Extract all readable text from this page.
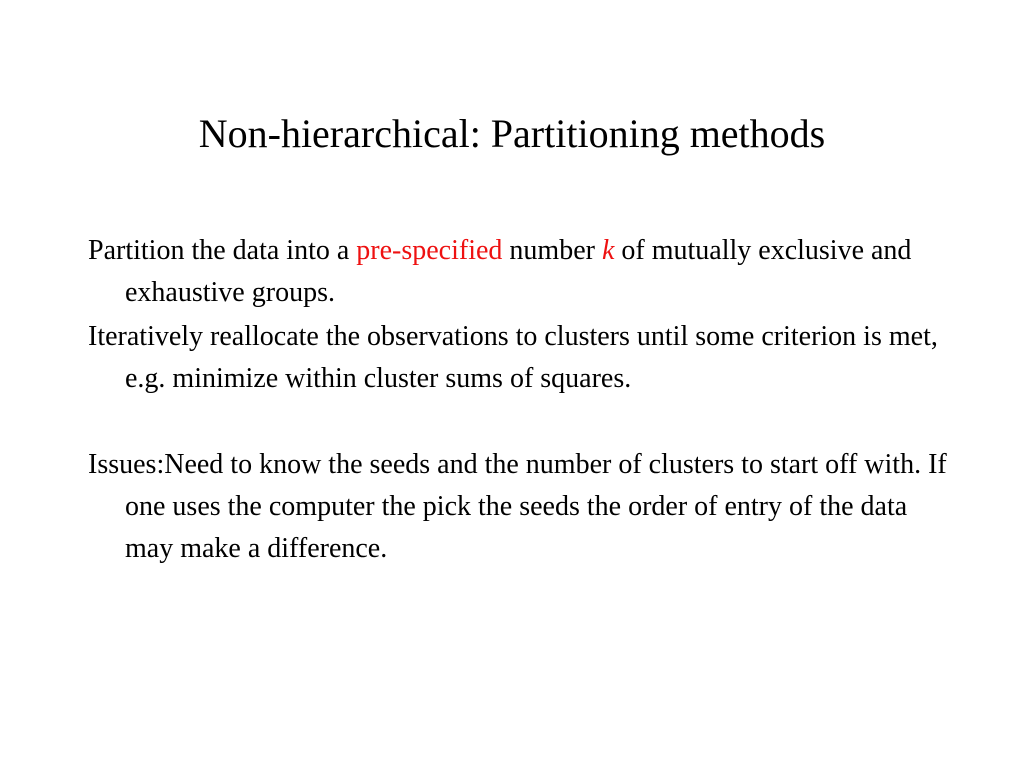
Non-hierarchical: Partitioning methods

Partition the data into a pre-specified number k of mutually exclusive and exhaustive groups.

Iteratively reallocate the observations to clusters until some criterion is met, e.g. minimize within cluster sums of squares.

Issues:Need to know the seeds and the number of clusters to start off with. If one uses the computer the pick the seeds the order of entry of the data may make a difference.
